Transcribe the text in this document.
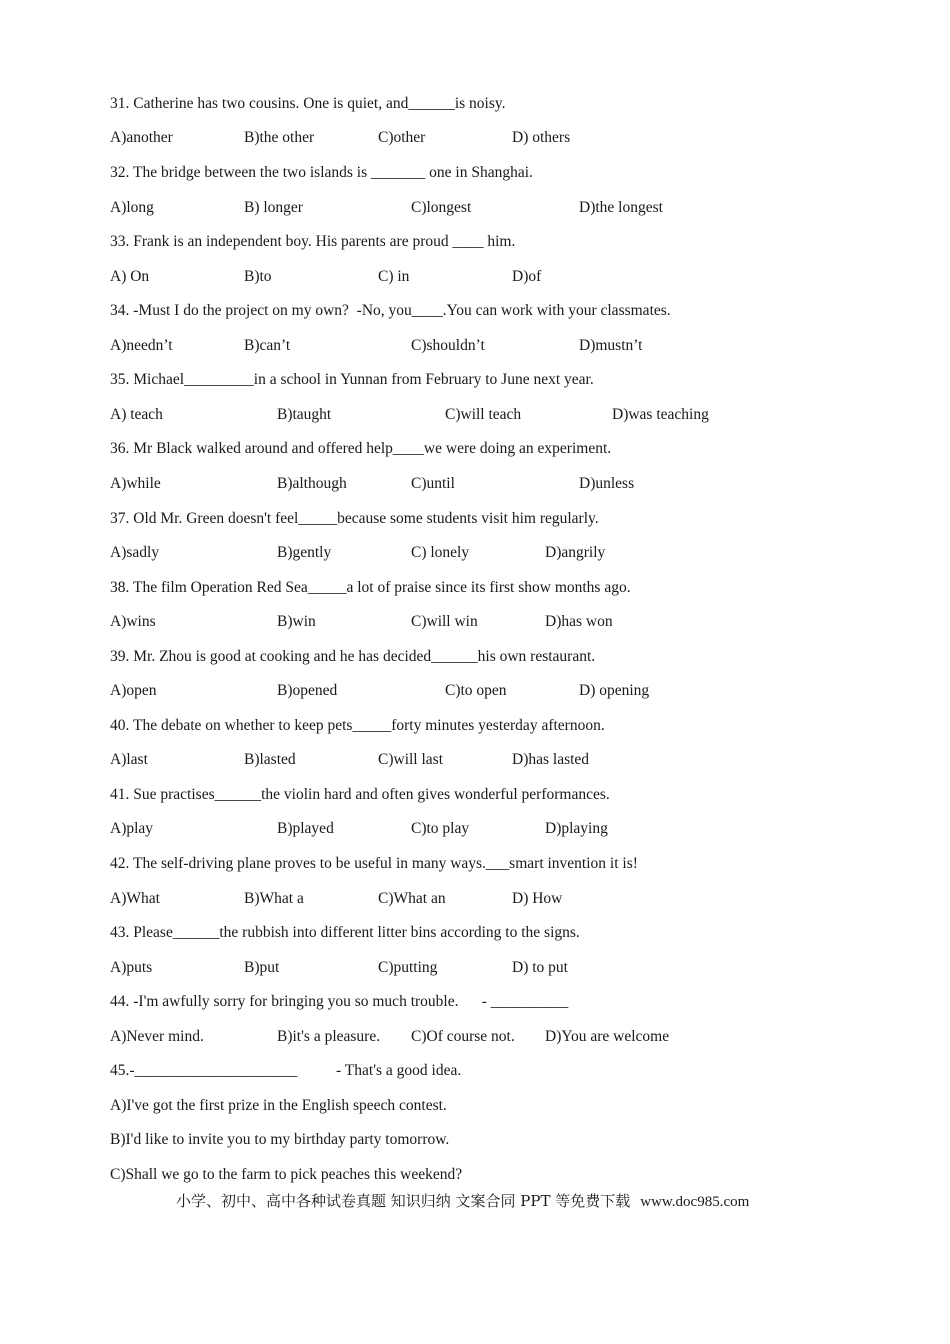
31. Catherine has two cousins. One is quiet, and______is noisy.
A)another	B)the other	C)other	D) others
32. The bridge between the two islands is _______ one in Shanghai.
A)long	B) longer	C)longest	D)the longest
33. Frank is an independent boy. His parents are proud ____ him.
A) On	B)to	C) in	D)of
34. -Must I do the project on my own?  -No, you____.You can work with your classmates.
A)needn’t	B)can’t	C)shouldn’t	D)mustn’t
35. Michael_________in a school in Yunnan from February to June next year.
A) teach	B)taught	C)will teach	D)was teaching
36. Mr Black walked around and offered help____we were doing an experiment.
A)while	B)although	C)until	D)unless
37. Old Mr. Green doesn't feel_____because some students visit him regularly.
A)sadly	B)gently	C) lonely	D)angrily
38. The film Operation Red Sea_____a lot of praise since its first show months ago.
A)wins	B)win	C)will win	D)has won
39. Mr. Zhou is good at cooking and he has decided______his own restaurant.
A)open	B)opened	C)to open	D) opening
40. The debate on whether to keep pets_____forty minutes yesterday afternoon.
A)last	B)lasted	C)will last	D)has lasted
41. Sue practises______the violin hard and often gives wonderful performances.
A)play	B)played	C)to play	D)playing
42. The self-driving plane proves to be useful in many ways.___smart invention it is!
A)What	B)What a	C)What an	D) How
43. Please______the rubbish into different litter bins according to the signs.
A)puts	B)put	C)putting	D) to put
44. -I'm awfully sorry for bringing you so much trouble.      - __________
A)Never mind.	B)it's a pleasure. C)Of course not. D)You are welcome
45.-_____________________          - That's a good idea.
A)I've got the first prize in the English speech contest.
B)I'd like to invite you to my birthday party tomorrow.
C)Shall we go to the farm to pick peaches this weekend?
小学、初中、高中各种试卷真题 知识归纳 文案合同 PPT 等免费下载 www.doc985.com
